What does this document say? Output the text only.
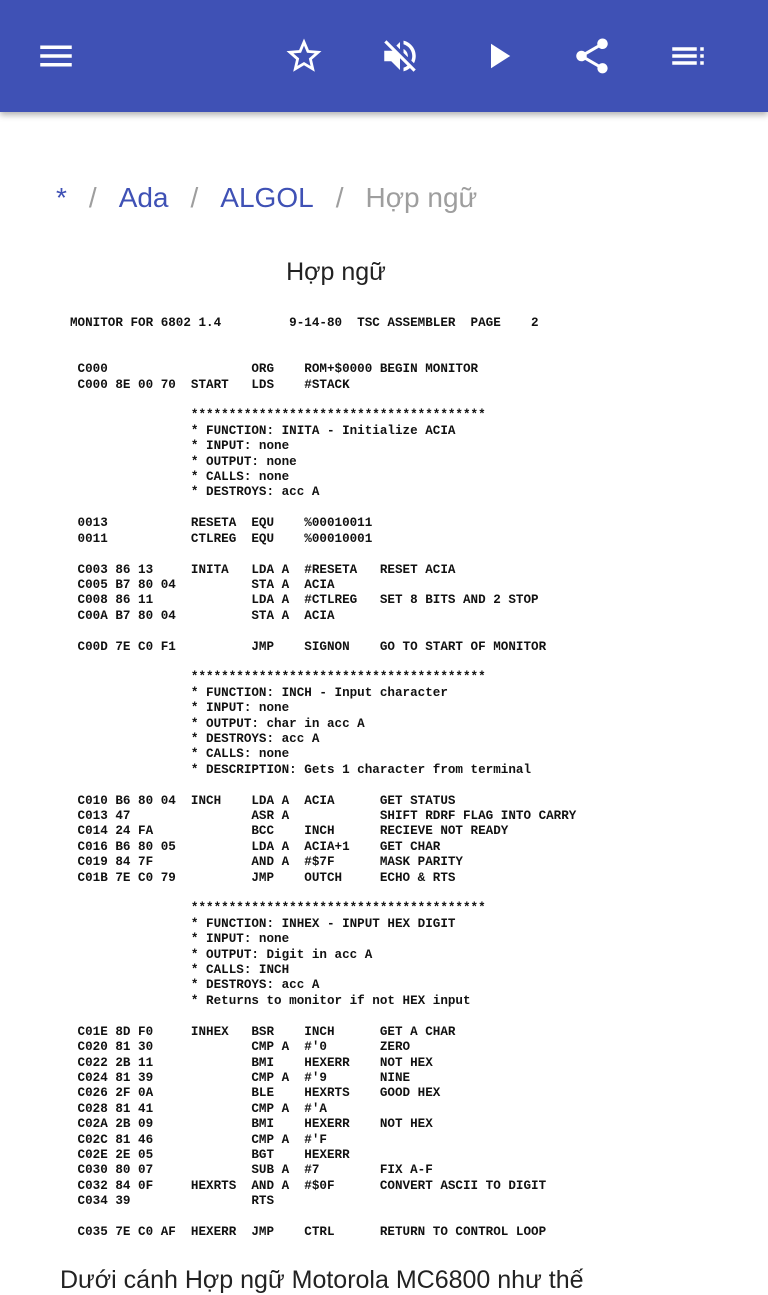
* / Ada / ALGOL / Hợp ngữ
Hợp ngữ
MONITOR FOR 6802 1.4         9-14-80  TSC ASSEMBLER  PAGE    2

C000                   ORG    ROM+$0000 BEGIN MONITOR
C000 8E 00 70  START   LDS    #STACK

***************************************
* FUNCTION: INITA - Initialize ACIA
* INPUT: none
* OUTPUT: none
* CALLS: none
* DESTROYS: acc A

0013           RESETA  EQU    %00010011
0011           CTLREG  EQU    %00010001

C003 86 13     INITA   LDA A  #RESETA   RESET ACIA
C005 B7 80 04          STA A  ACIA
C008 86 11             LDA A  #CTLREG   SET 8 BITS AND 2 STOP
C00A B7 80 04          STA A  ACIA

C00D 7E C0 F1          JMP    SIGNON    GO TO START OF MONITOR

***************************************
* FUNCTION: INCH - Input character
* INPUT: none
* OUTPUT: char in acc A
* DESTROYS: acc A
* CALLS: none
* DESCRIPTION: Gets 1 character from terminal

C010 B6 80 04  INCH    LDA A  ACIA      GET STATUS
C013 47                ASR A            SHIFT RDRF FLAG INTO CARRY
C014 24 FA             BCC    INCH      RECIEVE NOT READY
C016 B6 80 05          LDA A  ACIA+1    GET CHAR
C019 84 7F             AND A  #$7F      MASK PARITY
C01B 7E C0 79          JMP    OUTCH     ECHO & RTS

***************************************
* FUNCTION: INHEX - INPUT HEX DIGIT
* INPUT: none
* OUTPUT: Digit in acc A
* CALLS: INCH
* DESTROYS: acc A
* Returns to monitor if not HEX input

C01E 8D F0     INHEX   BSR    INCH      GET A CHAR
C020 81 30             CMP A  #'0       ZERO
C022 2B 11             BMI    HEXERR    NOT HEX
C024 81 39             CMP A  #'9       NINE
C026 2F 0A             BLE    HEXRTS    GOOD HEX
C028 81 41             CMP A  #'A
C02A 2B 09             BMI    HEXERR    NOT HEX
C02C 81 46             CMP A  #'F
C02E 2E 05             BGT    HEXERR
C030 80 07             SUB A  #7        FIX A-F
C032 84 0F     HEXRTS  AND A  #$0F      CONVERT ASCII TO DIGIT
C034 39                RTS

C035 7E C0 AF  HEXERR  JMP    CTRL      RETURN TO CONTROL LOOP
Dưới cánh Hợp ngữ Motorola MC6800 như thế
